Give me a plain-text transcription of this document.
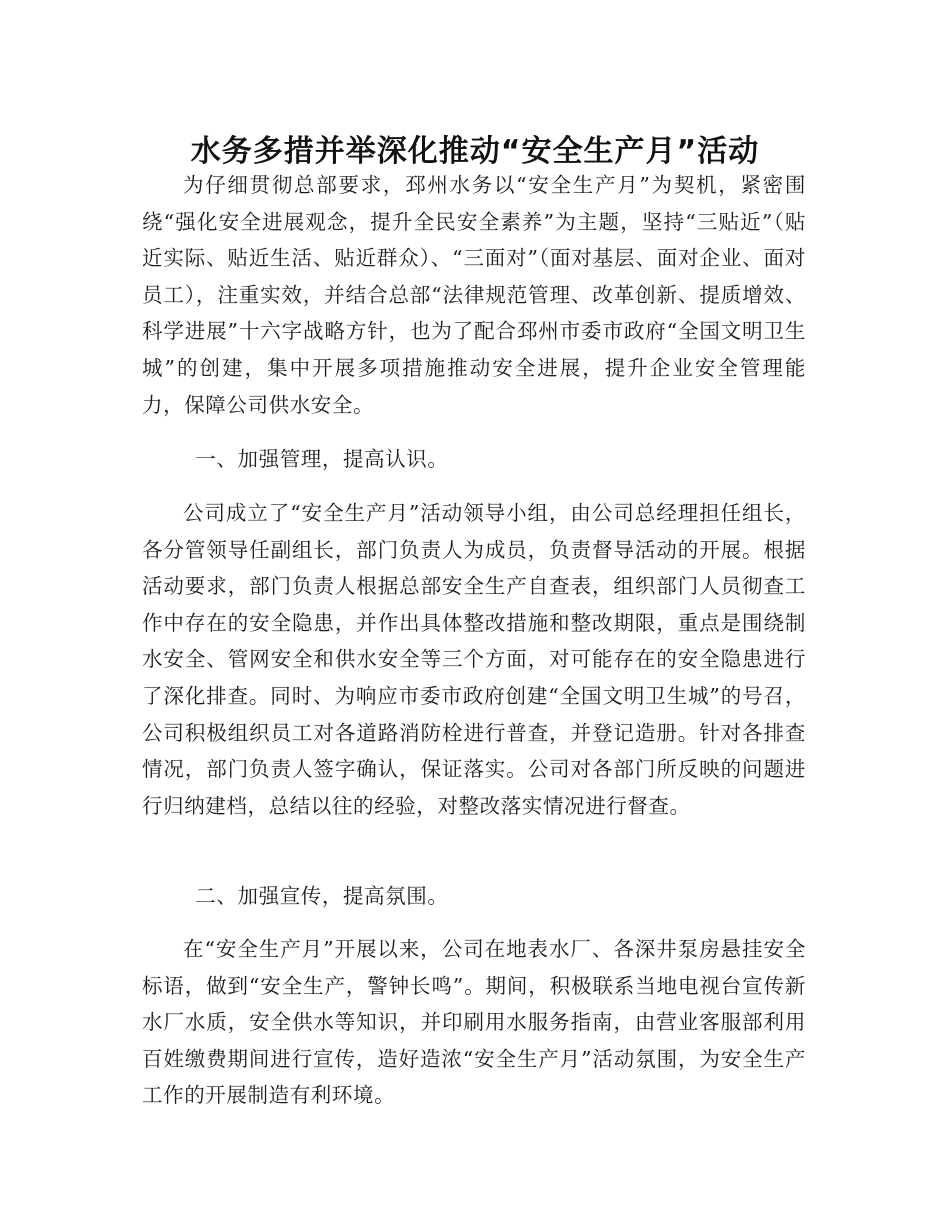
水务多措并举深化推动“安全生产月”活动

为仔细贯彻总部要求，邳州水务以“安全生产月”为契机，紧密围绕“强化安全进展观念，提升全民安全素养”为主题，坚持“三贴近”（贴近实际、贴近生活、贴近群众）、“三面对”（面对基层、面对企业、面对员工），注重实效，并结合总部“法律规范管理、改革创新、提质增效、科学进展”十六字战略方针，也为了配合邳州市委市政府“全国文明卫生城”的创建，集中开展多项措施推动安全进展，提升企业安全管理能力，保障公司供水安全。

一、加强管理，提高认识。

公司成立了“安全生产月”活动领导小组，由公司总经理担任组长，各分管领导任副组长，部门负责人为成员，负责督导活动的开展。根据活动要求，部门负责人根据总部安全生产自查表，组织部门人员彻查工作中存在的安全隐患，并作出具体整改措施和整改期限，重点是围绕制水安全、管网安全和供水安全等三个方面，对可能存在的安全隐患进行了深化排查。同时、为响应市委市政府创建“全国文明卫生城”的号召，公司积极组织员工对各道路消防栓进行普查，并登记造册。针对各排查情况，部门负责人签字确认，保证落实。公司对各部门所反映的问题进行归纳建档，总结以往的经验，对整改落实情况进行督查。

二、加强宣传，提高氛围。

在“安全生产月”开展以来，公司在地表水厂、各深井泵房悬挂安全标语，做到“安全生产，警钟长鸣”。期间，积极联系当地电视台宣传新水厂水质，安全供水等知识，并印刷用水服务指南，由营业客服部利用百姓缴费期间进行宣传，造好造浓“安全生产月”活动氛围，为安全生产工作的开展制造有利环境。
